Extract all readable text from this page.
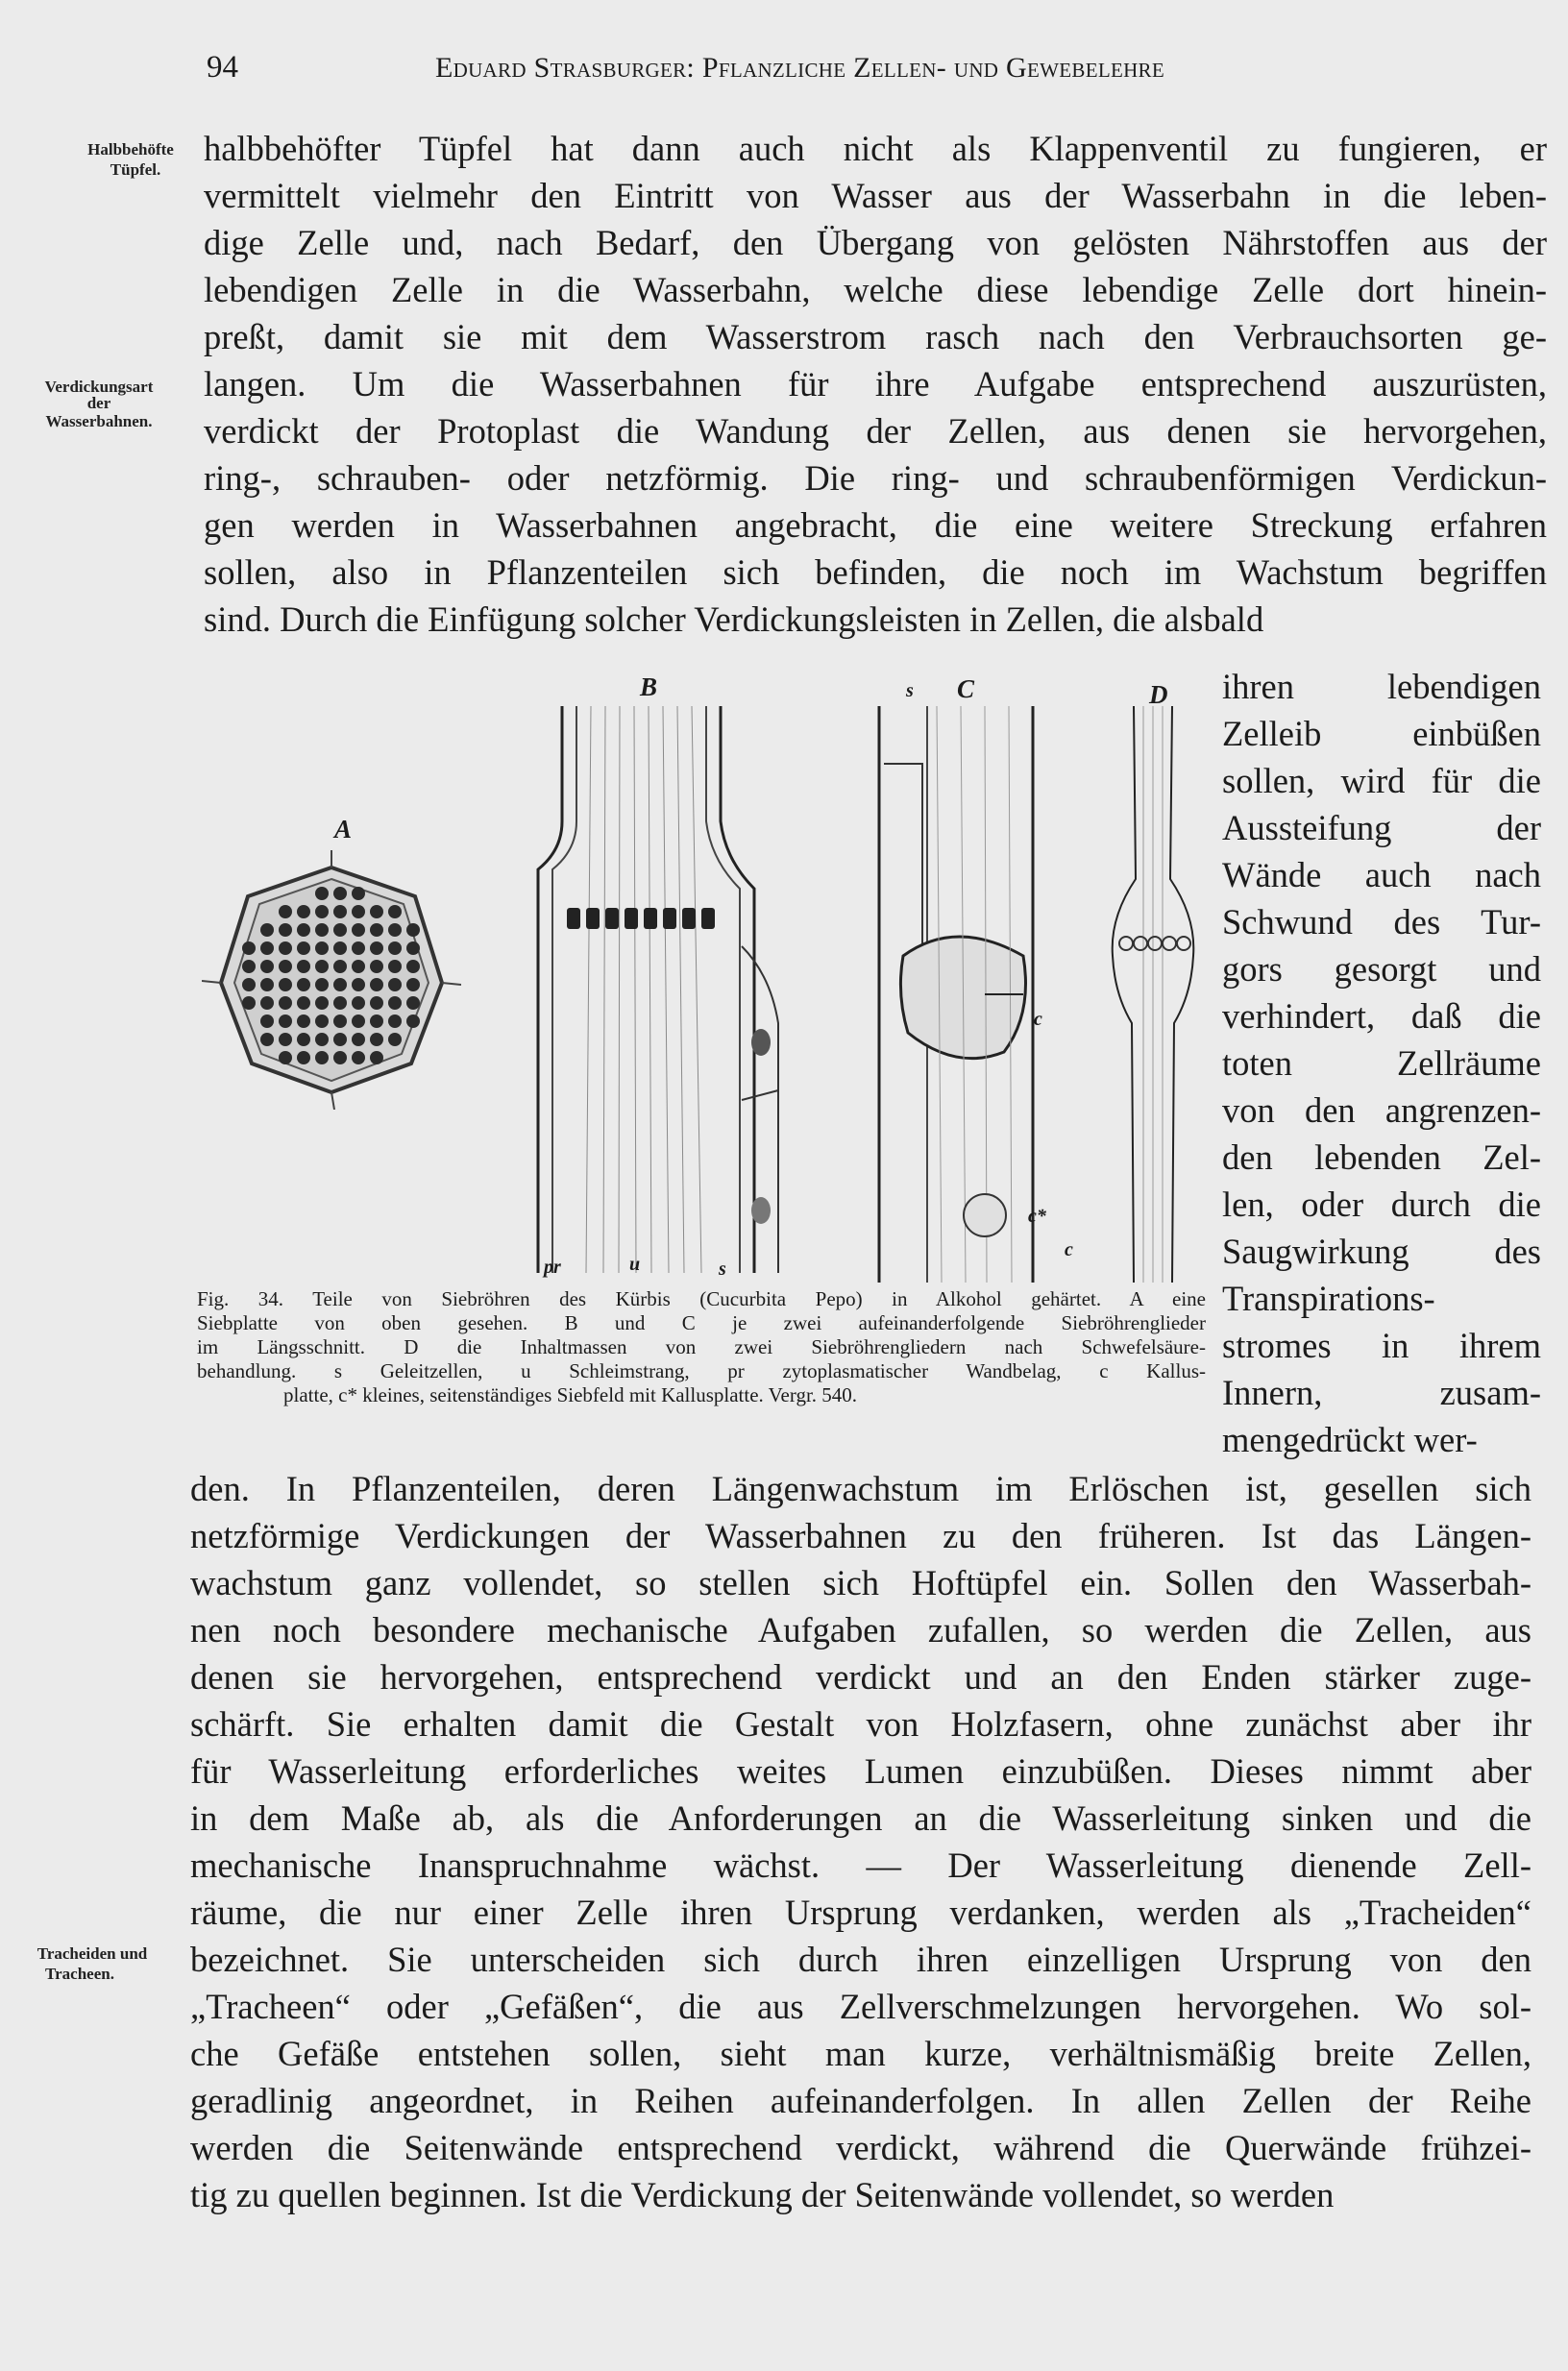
94	Eduard Strasburger: Pflanzliche Zellen- und Gewebelehre
Halbbehöfte
Tüpfel.
Verdickungsart
der
Wasserbahnen.
Tracheiden und
Tracheen.
halbbehöfter Tüpfel hat dann auch nicht als Klappenventil zu fungieren, er
vermittelt vielmehr den Eintritt von Wasser aus der Wasserbahn in die leben-
dige Zelle und, nach Bedarf, den Übergang von gelösten Nährstoffen aus der
lebendigen Zelle in die Wasserbahn, welche diese lebendige Zelle dort hinein-
preßt, damit sie mit dem Wasserstrom rasch nach den Verbrauchsorten ge-
langen. Um die Wasserbahnen für ihre Aufgabe entsprechend auszurüsten,
verdickt der Protoplast die Wandung der Zellen, aus denen sie hervorgehen,
ring-, schrauben- oder netzförmig. Die ring- und schraubenförmigen Verdickun-
gen werden in Wasserbahnen angebracht, die eine weitere Streckung erfahren
sollen, also in Pflanzenteilen sich befinden, die noch im Wachstum begriffen
sind. Durch die Einfügung solcher Verdickungsleisten in Zellen, die alsbald
ihren lebendigen
Zelleib einbüßen
sollen, wird für die
Aussteifung der
Wände auch nach
Schwund des Tur-
gors gesorgt und
verhindert, daß die
toten Zellräume
von den angrenzen-
den lebenden Zel-
len, oder durch die
Saugwirkung des
Transpirations-
stromes in ihrem
Innern, zusam-
mengedrückt wer-
den. In Pflanzenteilen, deren Längenwachstum im Erlöschen ist, gesellen sich
netzförmige Verdickungen der Wasserbahnen zu den früheren. Ist das Längen-
wachstum ganz vollendet, so stellen sich Hoftüpfel ein. Sollen den Wasserbah-
nen noch besondere mechanische Aufgaben zufallen, so werden die Zellen, aus
denen sie hervorgehen, entsprechend verdickt und an den Enden stärker zuge-
schärft. Sie erhalten damit die Gestalt von Holzfasern, ohne zunächst aber ihr
für Wasserleitung erforderliches weites Lumen einzubüßen. Dieses nimmt aber
in dem Maße ab, als die Anforderungen an die Wasserleitung sinken und die
mechanische Inanspruchnahme wächst. — Der Wasserleitung dienende Zell-
räume, die nur einer Zelle ihren Ursprung verdanken, werden als „Tracheiden“
bezeichnet. Sie unterscheiden sich durch ihren einzelligen Ursprung von den
„Tracheen“ oder „Gefäßen“, die aus Zellverschmelzungen hervorgehen. Wo sol-
che Gefäße entstehen sollen, sieht man kurze, verhältnismäßig breite Zellen,
geradlinig angeordnet, in Reihen aufeinanderfolgen. In allen Zellen der Reihe
werden die Seitenwände entsprechend verdickt, während die Querwände frühzei-
tig zu quellen beginnen. Ist die Verdickung der Seitenwände vollendet, so werden
A
B	s C	D
c
c*
c
pr	u	s
Fig. 34. Teile von Siebröhren des Kürbis (Cucurbita Pepo) in Alkohol gehärtet. A eine
Siebplatte von oben gesehen. B und C je zwei aufeinanderfolgende Siebröhrenglieder
im Längsschnitt. D die Inhaltmassen von zwei Siebröhrengliedern nach Schwefelsäure-
behandlung. s Geleitzellen, u Schleimstrang, pr zytoplasmatischer Wandbelag, c Kallus-
platte, c* kleines, seitenständiges Siebfeld mit Kallusplatte. Vergr. 540.
